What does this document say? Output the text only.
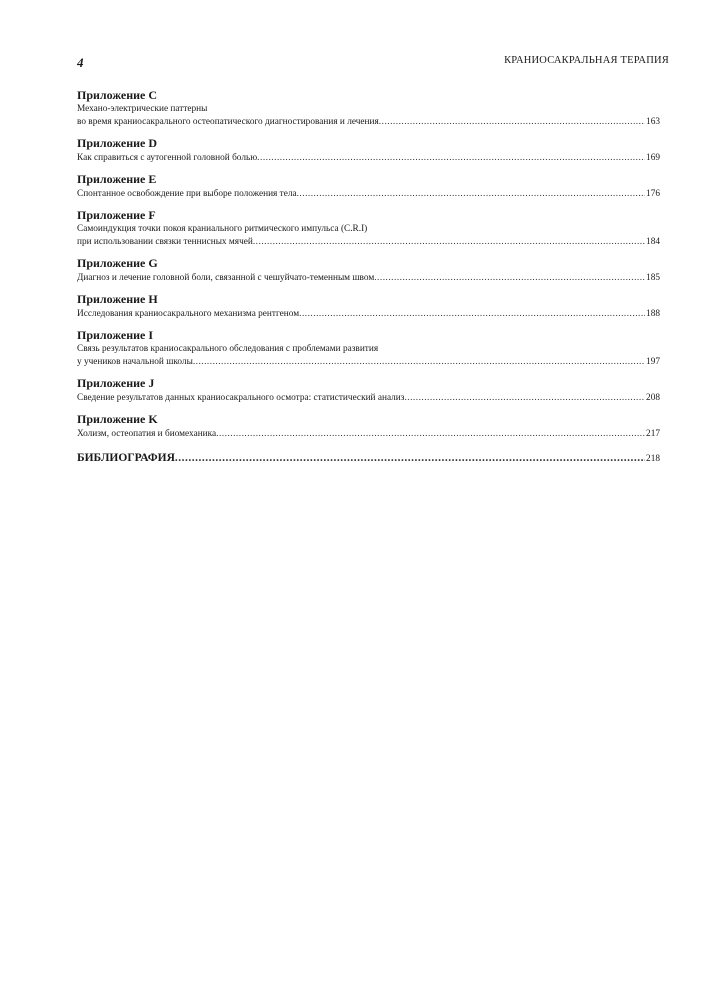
4	КРАНИОСАКРАЛЬНАЯ ТЕРАПИЯ
Приложение C
Механо-электрические паттерны
во время краниосакрального остеопатического диагностирования и лечения .....	163
Приложение D
Как справиться с аутогенной головной болью .....	169
Приложение E
Спонтанное освобождение при выборе положения тела .....	176
Приложение F
Самоиндукция точки покоя краниального ритмического импульса (C.R.I)
при использовании связки теннисных мячей .....	184
Приложение G
Диагноз и лечение головной боли, связанной с чешуйчато-теменным швом .....	185
Приложение H
Исследования краниосакрального механизма рентгеном .....	188
Приложение I
Связь результатов краниосакрального обследования с проблемами развития
у учеников начальной школы .....	197
Приложение J
Сведение результатов данных краниосакрального осмотра: статистический анализ .....	208
Приложение K
Холизм, остеопатия и биомеханика .....	217
БИБЛИОГРАФИЯ .....	218
